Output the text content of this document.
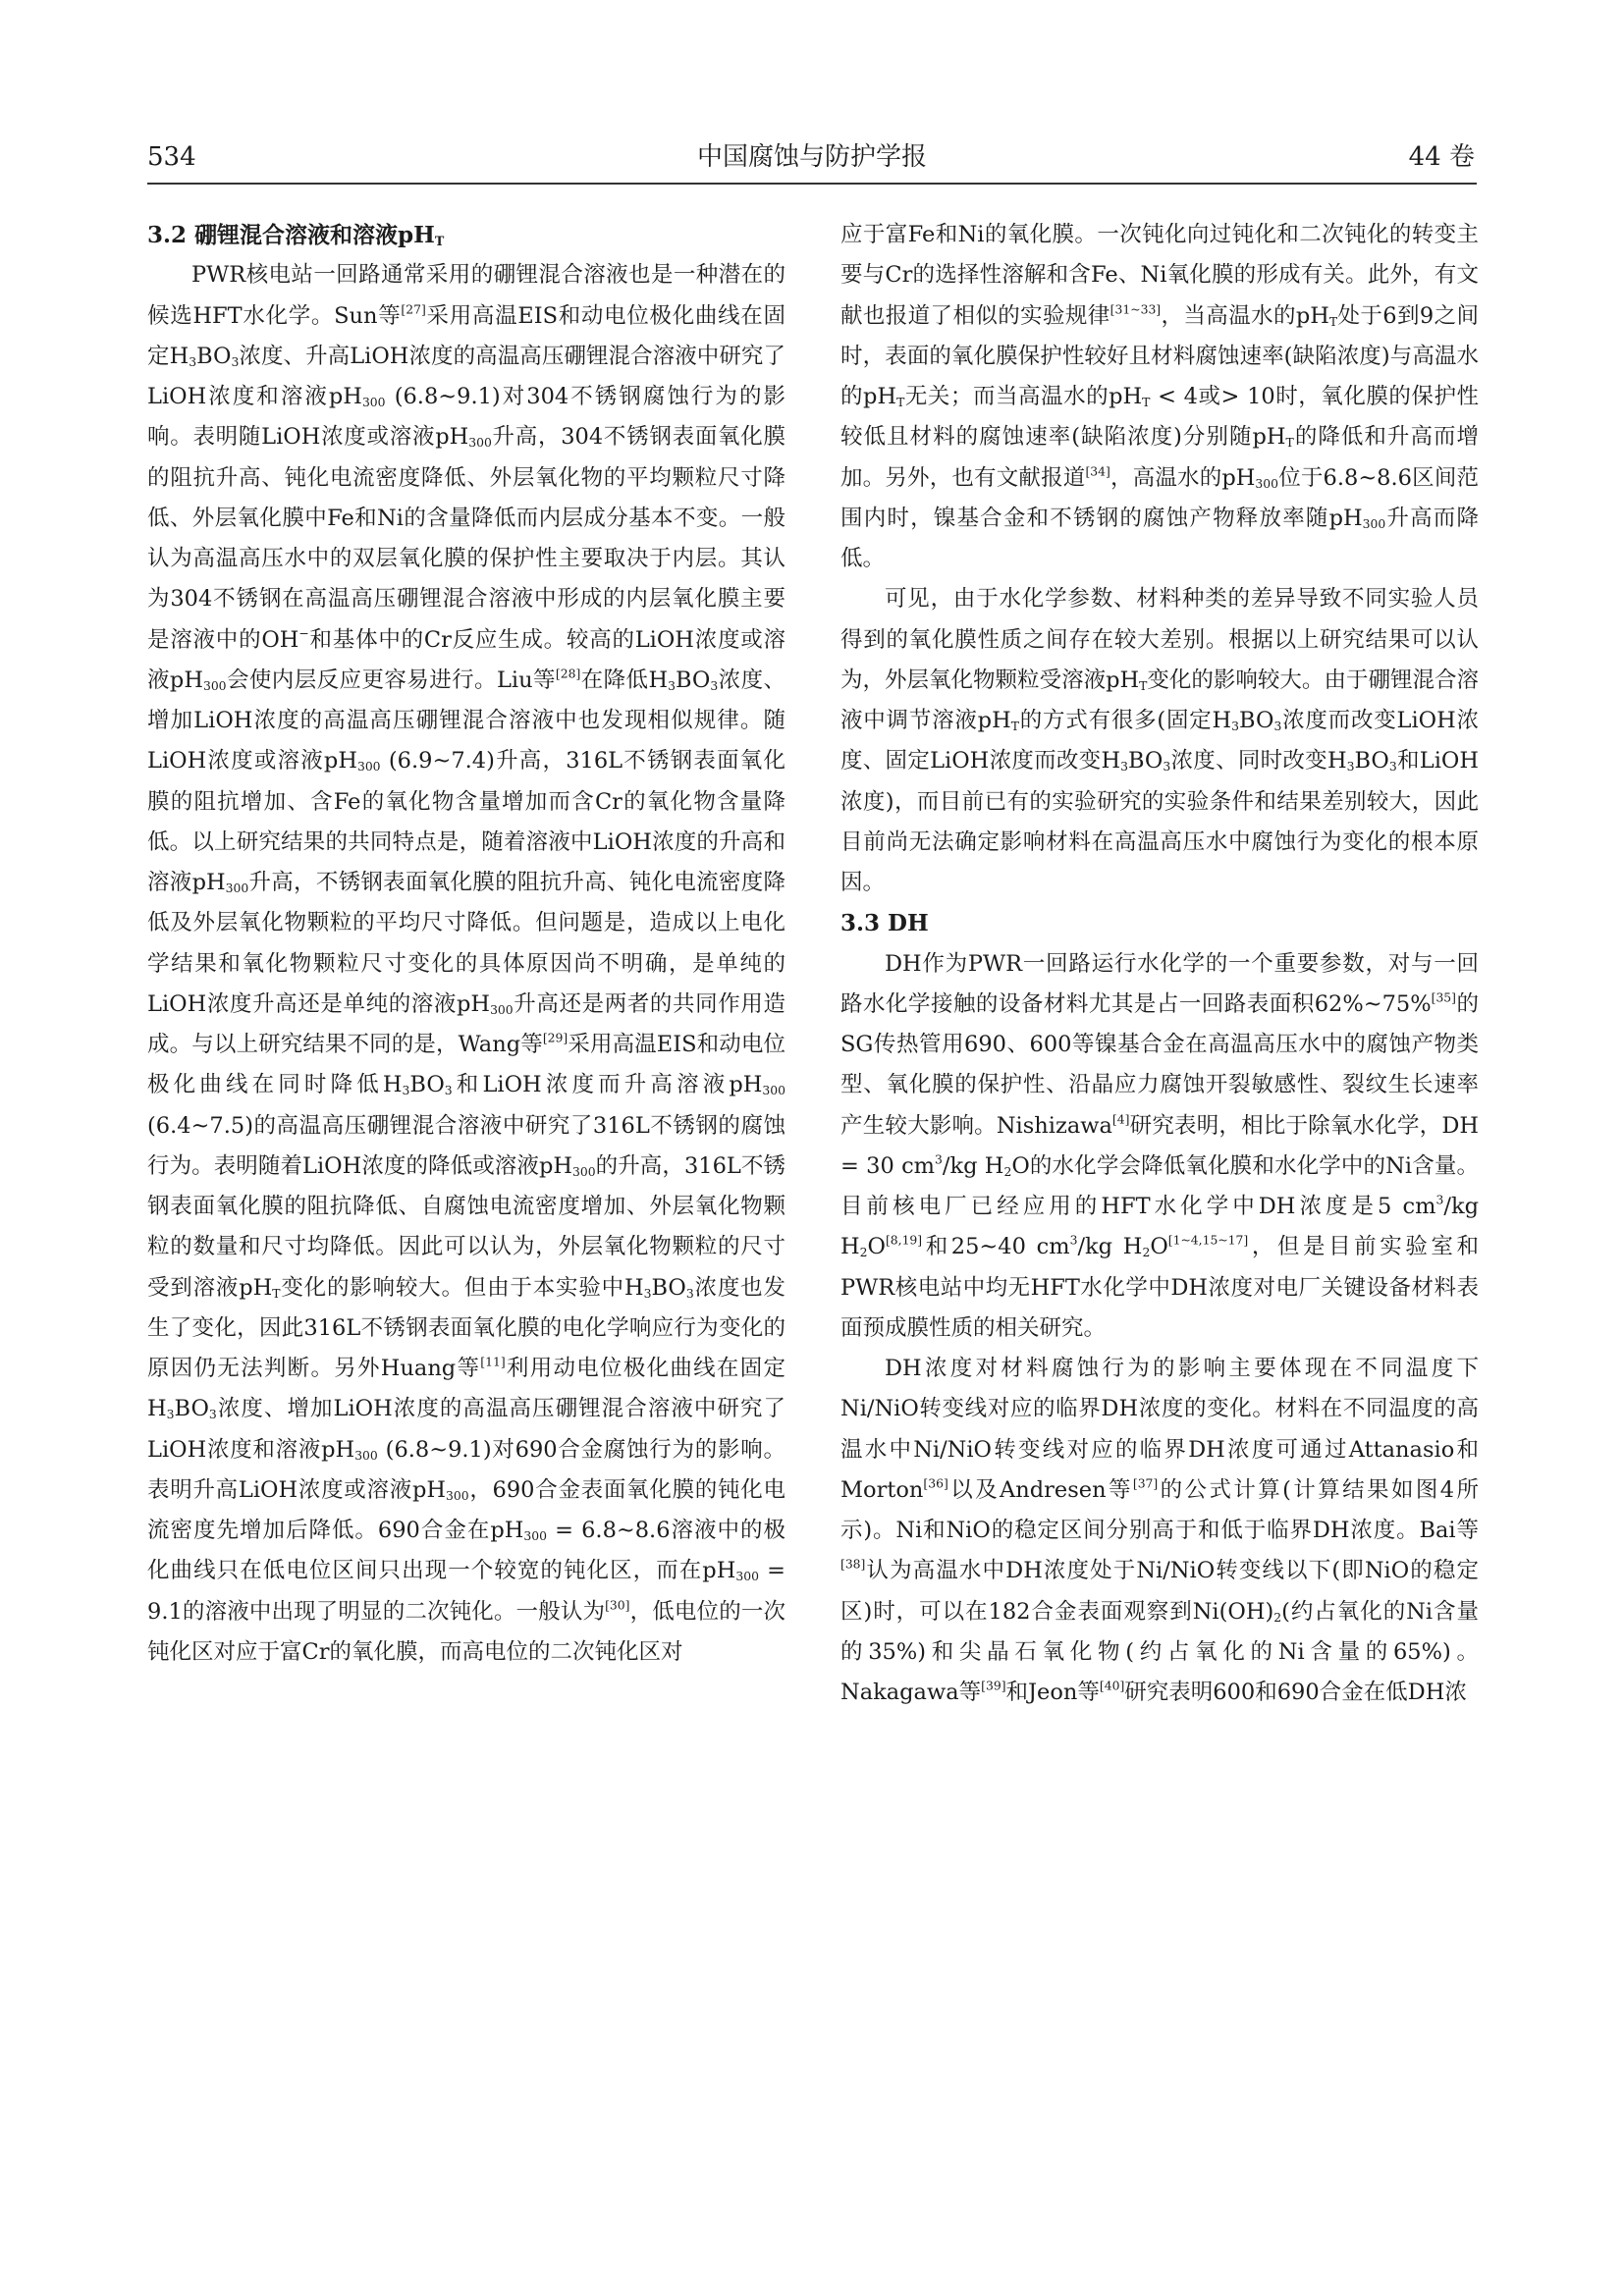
534	中国腐蚀与防护学报	44 卷
3.2 硼锂混合溶液和溶液$pH_T$

PWR核电站一回路通常采用的硼锂混合溶液也是一种潜在的候选HFT水化学。Sun等[27]采用高温EIS和动电位极化曲线在固定$H_3BO_3$浓度、升高LiOH浓度的高温高压硼锂混合溶液中研究了LiOH浓度和溶液$pH_{300}$ (6.8~9.1)对304不锈钢腐蚀行为的影响。表明随LiOH浓度或溶液$pH_{300}$升高，304不锈钢表面氧化膜的阻抗升高、钝化电流密度降低、外层氧化物的平均颗粒尺寸降低、外层氧化膜中Fe和Ni的含量降低而内层成分基本不变。一般认为高温高压水中的双层氧化膜的保护性主要取决于内层。其认为304不锈钢在高温高压硼锂混合溶液中形成的内层氧化膜主要是溶液中的OH−和基体中的Cr反应生成。较高的LiOH浓度或溶液$pH_{300}$会使内层反应更容易进行。Liu等[28]在降低$H_3BO_3$浓度、增加LiOH浓度的高温高压硼锂混合溶液中也发现相似规律。随LiOH浓度或溶液$pH_{300}$ (6.9~7.4)升高，316L不锈钢表面氧化膜的阻抗增加、含Fe的氧化物含量增加而含Cr的氧化物含量降低。以上研究结果的共同特点是，随着溶液中LiOH浓度的升高和溶液$pH_{300}$升高，不锈钢表面氧化膜的阻抗升高、钝化电流密度降低及外层氧化物颗粒的平均尺寸降低。但问题是，造成以上电化学结果和氧化物颗粒尺寸变化的具体原因尚不明确，是单纯的LiOH浓度升高还是单纯的溶液$pH_{300}$升高还是两者的共同作用造成。与以上研究结果不同的是，Wang等[29]采用高温EIS和动电位极化曲线在同时降低$H_3BO_3$和LiOH浓度而升高溶液$pH_{300}$ (6.4~7.5)的高温高压硼锂混合溶液中研究了316L不锈钢的腐蚀行为。表明随着LiOH浓度的降低或溶液$pH_{300}$的升高，316L不锈钢表面氧化膜的阻抗降低、自腐蚀电流密度增加、外层氧化物颗粒的数量和尺寸均降低。因此可以认为，外层氧化物颗粒的尺寸受到溶液$pH_T$变化的影响较大。但由于本实验中$H_3BO_3$浓度也发生了变化，因此316L不锈钢表面氧化膜的电化学响应行为变化的原因仍无法判断。另外Huang等[11]利用动电位极化曲线在固定$H_3BO_3$浓度、增加LiOH浓度的高温高压硼锂混合溶液中研究了LiOH浓度和溶液$pH_{300}$ (6.8~9.1)对690合金腐蚀行为的影响。表明升高LiOH浓度或溶液$pH_{300}$，690合金表面氧化膜的钝化电流密度先增加后降低。690合金在$pH_{300}$ = 6.8~8.6溶液中的极化曲线只在低电位区间只出现一个较宽的钝化区，而在$pH_{300} = 9.1$的溶液中出现了明显的二次钝化。一般认为[30]，低电位的一次钝化区对应于富Cr的氧化膜，而高电位的二次钝化区对

应于富Fe和Ni的氧化膜。一次钝化向过钝化和二次钝化的转变主要与Cr的选择性溶解和含Fe、Ni氧化膜的形成有关。此外，有文献也报道了相似的实验规律[31~33]，当高温水的$pH_T$处于6到9之间时，表面的氧化膜保护性较好且材料腐蚀速率(缺陷浓度)与高温水的$pH_T$无关；而当高温水的$pH_T < 4$或> 10时，氧化膜的保护性较低且材料的腐蚀速率(缺陷浓度)分别随$pH_T$的降低和升高而增加。另外，也有文献报道[34]，高温水的$pH_{300}$位于6.8~8.6区间范围内时，镍基合金和不锈钢的腐蚀产物释放率随$pH_{300}$升高而降低。

可见，由于水化学参数、材料种类的差异导致不同实验人员得到的氧化膜性质之间存在较大差别。根据以上研究结果可以认为，外层氧化物颗粒受溶液$pH_T$变化的影响较大。由于硼锂混合溶液中调节溶液$pH_T$的方式有很多(固定$H_3BO_3$浓度而改变LiOH浓度、固定LiOH浓度而改变$H_3BO_3$浓度、同时改变$H_3BO_3$和LiOH浓度)，而目前已有的实验研究的实验条件和结果差别较大，因此目前尚无法确定影响材料在高温高压水中腐蚀行为变化的根本原因。

3.3 DH

DH作为PWR一回路运行水化学的一个重要参数，对与一回路水化学接触的设备材料尤其是占一回路表面积62%~75%[35]的SG传热管用690、600等镍基合金在高温高压水中的腐蚀产物类型、氧化膜的保护性、沿晶应力腐蚀开裂敏感性、裂纹生长速率产生较大影响。Nishizawa[4]研究表明，相比于除氧水化学，DH = 30 $cm^3/kg$ $H_2O$的水化学会降低氧化膜和水化学中的Ni含量。目前核电厂已经应用的HFT水化学中DH浓度是5 $cm^3/kg$ $H_2O[8,19]$和25~40 $cm^3/kg$ $H_2O[1\sim 4,15\sim 17]$，但是目前实验室和PWR核电站中均无HFT水化学中DH浓度对电厂关键设备材料表面预成膜性质的相关研究。

DH浓度对材料腐蚀行为的影响主要体现在不同温度下Ni/NiO转变线对应的临界DH浓度的变化。材料在不同温度的高温水中Ni/NiO转变线对应的临界DH浓度可通过Attanasio和Morton[36]以及Andresen等[37]的公式计算(计算结果如图4所示)。Ni和NiO的稳定区间分别高于和低于临界DH浓度。Bai等[38]认为高温水中DH浓度处于Ni/NiO转变线以下(即NiO的稳定区)时，可以在182合金表面观察到$Ni(OH)_2$(约占氧化的Ni含量的35%)和尖晶石氧化物(约占氧化的Ni含量的65%)。Nakagawa等[39]和Jeon等[40]研究表明600和690合金在低DH浓
